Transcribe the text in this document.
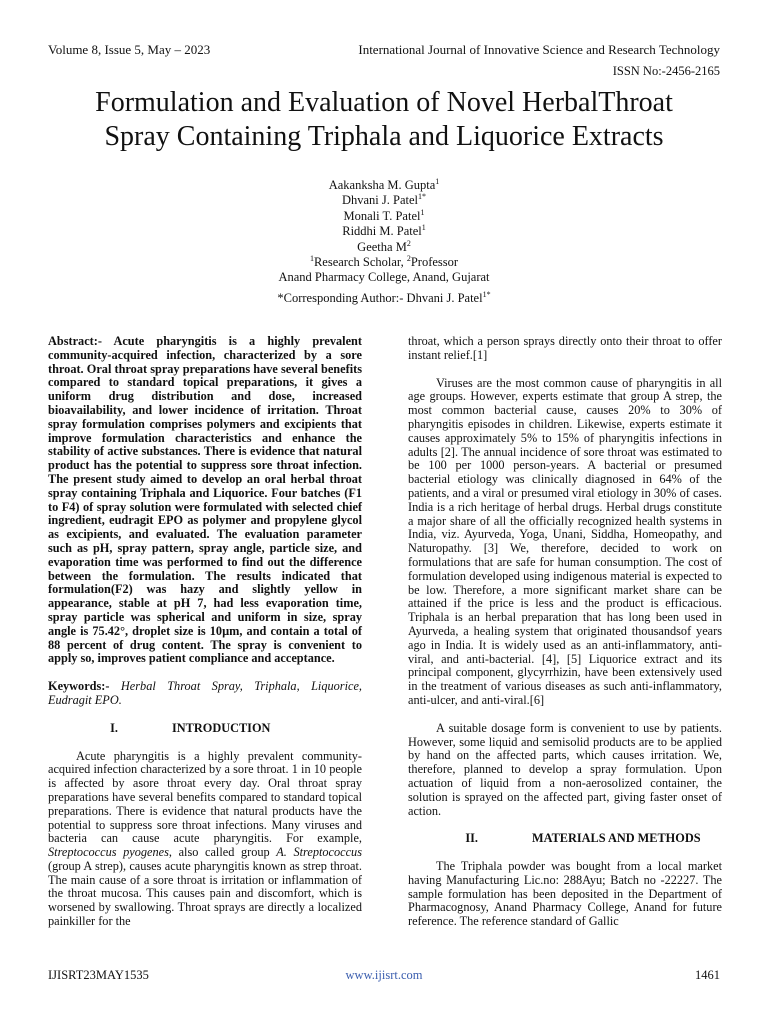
Volume 8, Issue 5, May – 2023	International Journal of Innovative Science and Research Technology
ISSN No:-2456-2165
Formulation and Evaluation of Novel HerbalThroat
Spray Containing Triphala and Liquorice Extracts
Aakanksha M. Gupta$^1$
Dhvani J. Patel$^{1*}$
Monali T. Patel$^1$
Riddhi M. Patel$^1$
Geetha $M^2$
$^1$Research Scholar, $^2$Professor
Anand Pharmacy College, Anand, Gujarat
*Corresponding Author:- Dhvani J. Patel$^{1*}$

Abstract:- Acute pharyngitis is a highly prevalent community-acquired infection, characterized by a sore throat. Oral throat spray preparations have several benefits compared to standard topical preparations, it gives a uniform drug distribution and dose, increased bioavailability, and lower incidence of irritation. Throat spray formulation comprises polymers and excipients that improve formulation characteristics and enhance the stability of active substances. There is evidence that natural product has the potential to suppress sore throat infection. The present study aimed to develop an oral herbal throat spray containing Triphala and Liquorice. Four batches (F1 to F4) of spray solution were formulated with selected chief ingredient, eudragit EPO as polymer and propylene glycol as excipients, and evaluated. The evaluation parameter such as pH, spray pattern, spray angle, particle size, and evaporation time was performed to find out the difference between the formulation. The results indicated that formulation(F2) was hazy and slightly yellow in appearance, stable at pH 7, had less evaporation time, spray particle was spherical and uniform in size, spray angle is 75.42°, droplet size is 10µm, and contain a total of 88 percent of drug content. The spray is convenient to apply so, improves patient compliance and acceptance.

Keywords:- Herbal Throat Spray, Triphala, Liquorice, Eudragit EPO.

I.	INTRODUCTION

Acute pharyngitis is a highly prevalent community-acquired infection characterized by a sore throat. 1 in 10 people is affected by asore throat every day. Oral throat spray preparations have several benefits compared to standard topical preparations. There is evidence that natural products have the potential to suppress sore throat infections. Many viruses and bacteria can cause acute pharyngitis. For example, Streptococcus pyogenes, also called group A. Streptococcus (group A strep), causes acute pharyngitis known as strep throat. The main cause of a sore throat is irritation or inflammation of the throat mucosa. This causes pain and discomfort, which is worsened by swallowing. Throat sprays are directly a localized painkiller for the

throat, which a person sprays directly onto their throat to offer instant relief.[1]

Viruses are the most common cause of pharyngitis in all age groups. However, experts estimate that group A strep, the most common bacterial cause, causes 20% to 30% of pharyngitis episodes in children. Likewise, experts estimate it causes approximately 5% to 15% of pharyngitis infections in adults [2]. The annual incidence of sore throat was estimated to be 100 per 1000 person-years. A bacterial or presumed bacterial etiology was clinically diagnosed in 64% of the patients, and a viral or presumed viral etiology in 30% of cases. India is a rich heritage of herbal drugs. Herbal drugs constitute a major share of all the officially recognized health systems in India, viz. Ayurveda, Yoga, Unani, Siddha, Homeopathy, and Naturopathy. [3] We, therefore, decided to work on formulations that are safe for human consumption. The cost of formulation developed using indigenous material is expected to be low. Therefore, a more significant market share can be attained if the price is less and the product is efficacious. Triphala is an herbal preparation that has long been used in Ayurveda, a healing system that originated thousandsof years ago in India. It is widely used as an anti-inflammatory, anti-viral, and anti-bacterial. [4], [5] Liquorice extract and its principal component, glycyrrhizin, have been extensively used in the treatment of various diseases as such anti-inflammatory, anti-ulcer, and anti-viral.[6]

A suitable dosage form is convenient to use by patients. However, some liquid and semisolid products are to be applied by hand on the affected parts, which causes irritation. We, therefore, planned to develop a spray formulation. Upon actuation of liquid from a non-aerosolized container, the solution is sprayed on the affected part, giving faster onset of action.

II.	MATERIALS AND METHODS

The Triphala powder was bought from a local market having Manufacturing Lic.no: 288Ayu; Batch no -22227. The sample formulation has been deposited in the Department of Pharmacognosy, Anand Pharmacy College, Anand for future reference. The reference standard of Gallic

IJISRT23MAY1535	www.ijisrt.com	1461
